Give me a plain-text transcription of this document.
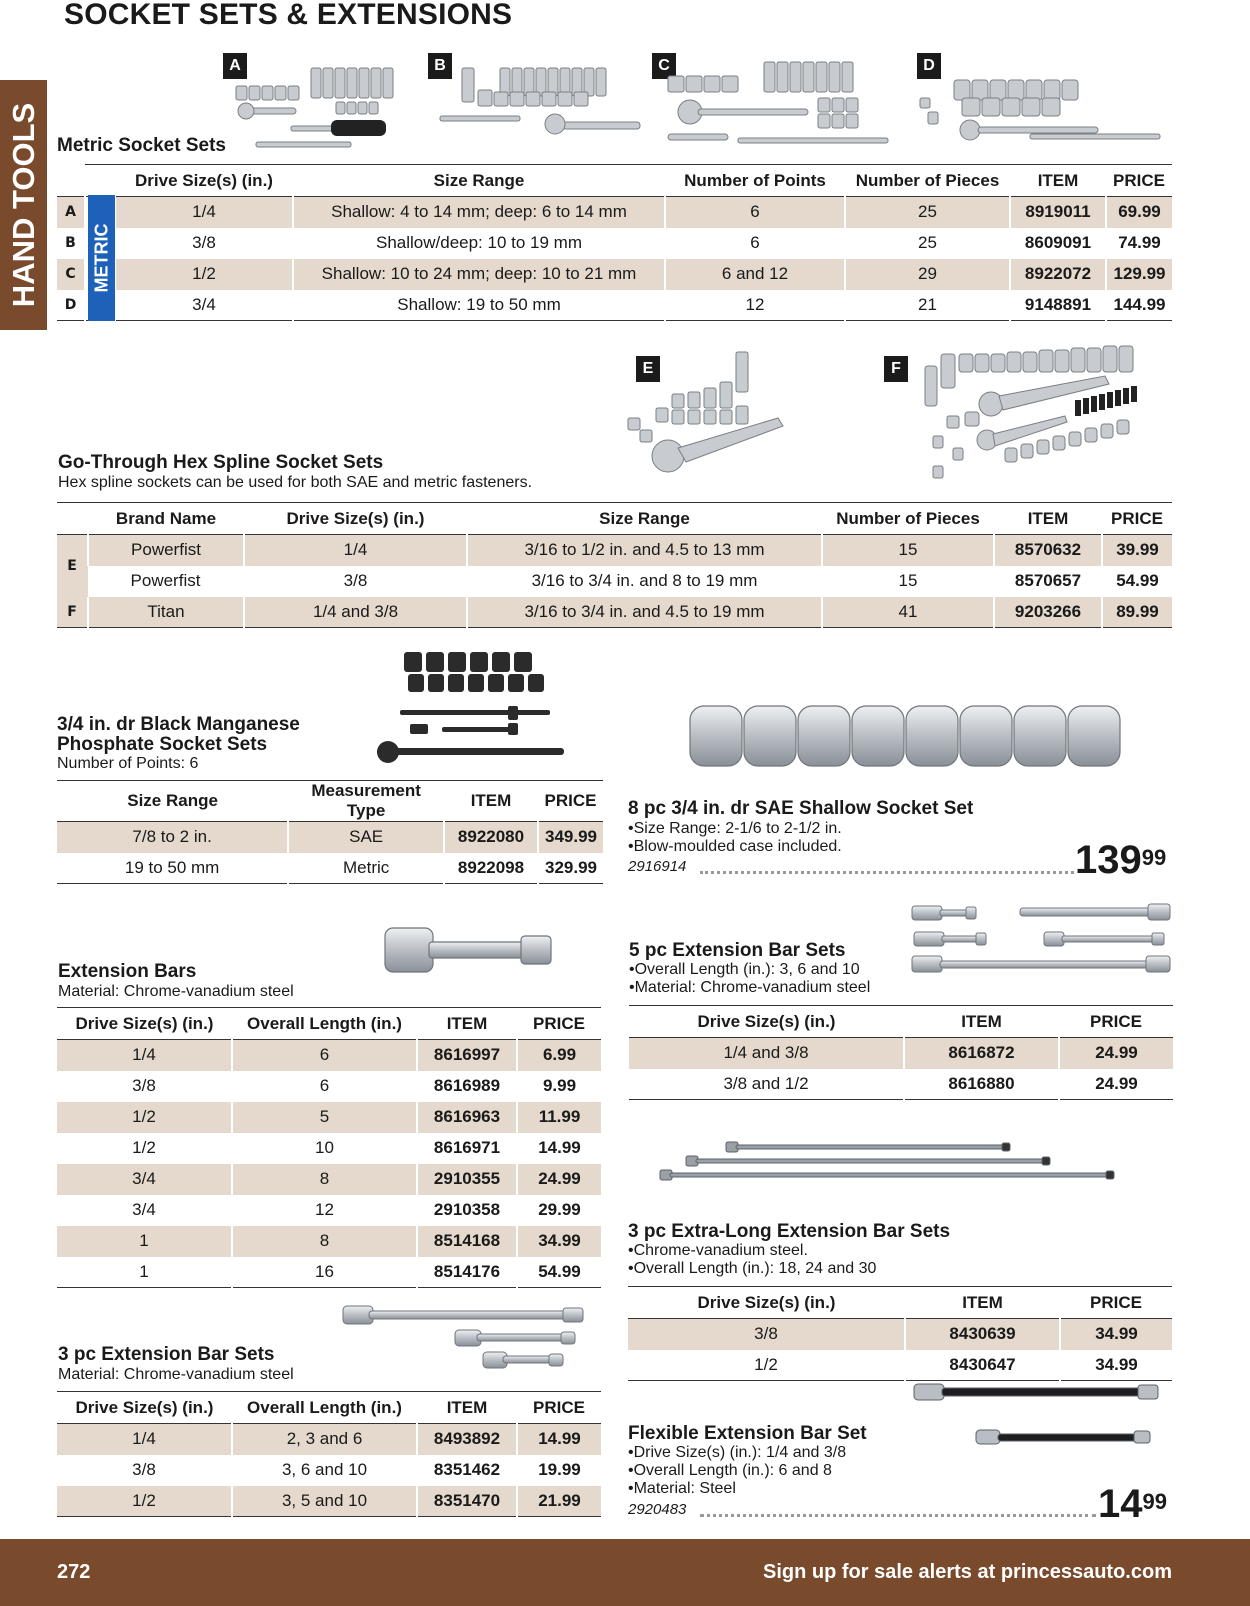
SOCKET SETS & EXTENSIONS
HAND TOOLS
A	B	C	D
Metric Socket Sets
		Drive Size(s) (in.)	Size Range	Number of Points	Number of Pieces	ITEM	PRICE
A		1/4	Shallow: 4 to 14 mm; deep: 6 to 14 mm	6	25	8919011	69.99
B		3/8	Shallow/deep: 10 to 19 mm	6	25	8609091	74.99
C		1/2	Shallow: 10 to 24 mm; deep: 10 to 21 mm	6 and 12	29	8922072	129.99
D		3/4	Shallow: 19 to 50 mm	12	21	9148891	144.99
METRIC
E	F
Go-Through Hex Spline Socket Sets
Hex spline sockets can be used for both SAE and metric fasteners.
	Brand Name	Drive Size(s) (in.)	Size Range	Number of Pieces	ITEM	PRICE
E	Powerfist	1/4	3/16 to 1/2 in. and 4.5 to 13 mm	15	8570632	39.99
	Powerfist	3/8	3/16 to 3/4 in. and 8 to 19 mm	15	8570657	54.99
F	Titan	1/4 and 3/8	3/16 to 3/4 in. and 4.5 to 19 mm	41	9203266	89.99
3/4 in. dr Black Manganese
Phosphate Socket Sets
Number of Points: 6
Size Range	Measurement Type	ITEM	PRICE
7/8 to 2 in.	SAE	8922080	349.99
19 to 50 mm	Metric	8922098	329.99
8 pc 3/4 in. dr SAE Shallow Socket Set
•Size Range: 2-1/6 to 2-1/2 in.
•Blow-moulded case included.
2916914	$139^{99}$
Extension Bars
Material: Chrome-vanadium steel
Drive Size(s) (in.)	Overall Length (in.)	ITEM	PRICE
1/4	6	8616997	6.99
3/8	6	8616989	9.99
1/2	5	8616963	11.99
1/2	10	8616971	14.99
3/4	8	2910355	24.99
3/4	12	2910358	29.99
1	8	8514168	34.99
1	16	8514176	54.99
5 pc Extension Bar Sets
•Overall Length (in.): 3, 6 and 10
•Material: Chrome-vanadium steel
Drive Size(s) (in.)	ITEM	PRICE
1/4 and 3/8	8616872	24.99
3/8 and 1/2	8616880	24.99
3 pc Extra-Long Extension Bar Sets
•Chrome-vanadium steel.
•Overall Length (in.): 18, 24 and 30
Drive Size(s) (in.)	ITEM	PRICE
3/8	8430639	34.99
1/2	8430647	34.99
3 pc Extension Bar Sets
Material: Chrome-vanadium steel
Drive Size(s) (in.)	Overall Length (in.)	ITEM	PRICE
1/4	2, 3 and 6	8493892	14.99
3/8	3, 6 and 10	8351462	19.99
1/2	3, 5 and 10	8351470	21.99
Flexible Extension Bar Set
•Drive Size(s) (in.): 1/4 and 3/8
•Overall Length (in.): 6 and 8
•Material: Steel
2920483	$14^{99}$
272	Sign up for sale alerts at princessauto.com
